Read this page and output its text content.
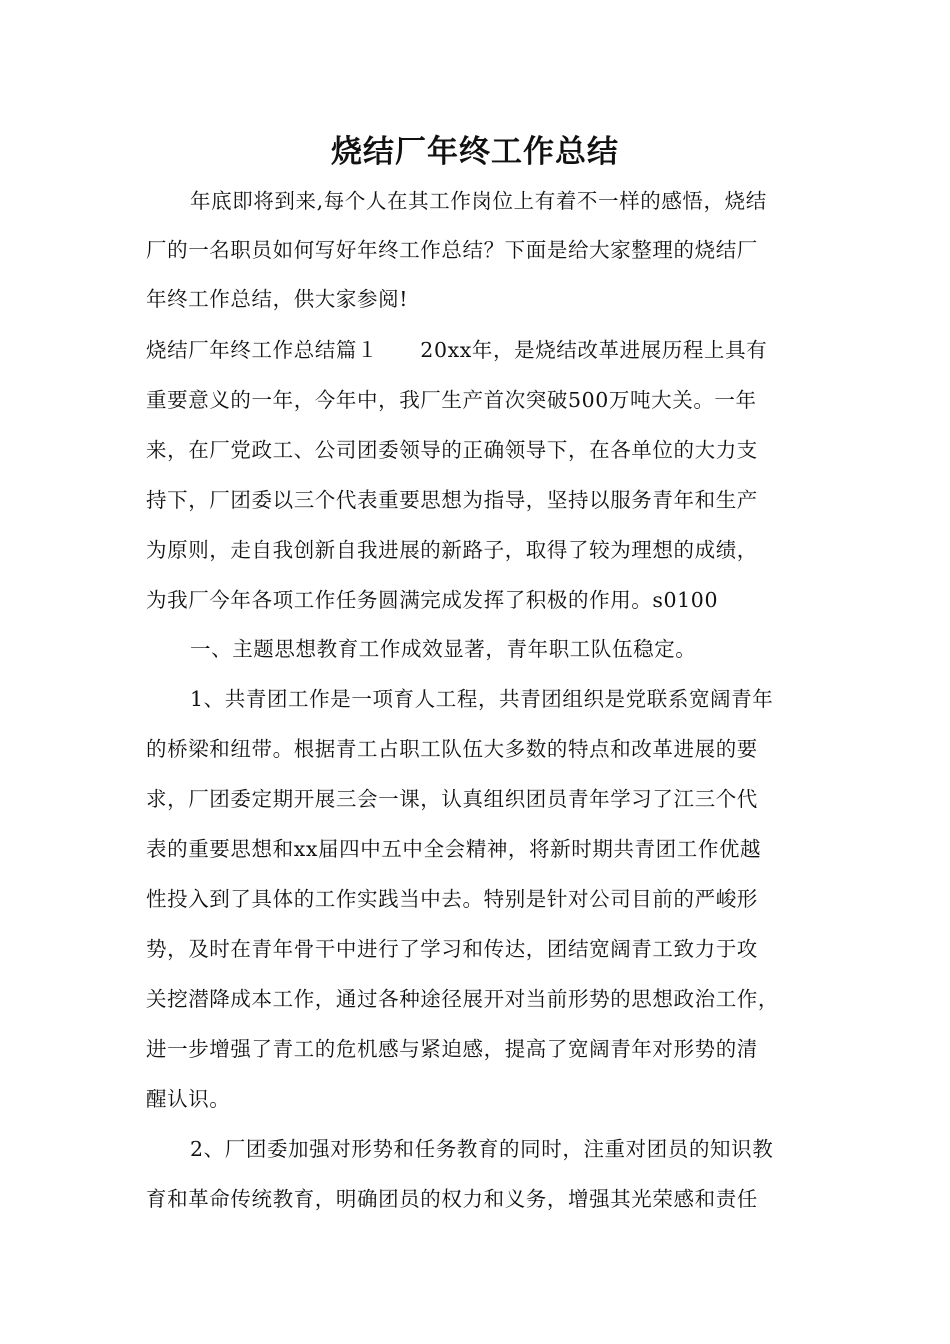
烧结厂年终工作总结
年底即将到来,每个人在其工作岗位上有着不一样的感悟，烧结
厂的一名职员如何写好年终工作总结？下面是给大家整理的烧结厂
年终工作总结，供大家参阅!
烧结厂年终工作总结篇１　　20xx年，是烧结改革进展历程上具有
重要意义的一年，今年中，我厂生产首次突破500万吨大关。一年
来，在厂党政工、公司团委领导的正确领导下，在各单位的大力支
持下，厂团委以三个代表重要思想为指导，坚持以服务青年和生产
为原则，走自我创新自我进展的新路子，取得了较为理想的成绩，
为我厂今年各项工作任务圆满完成发挥了积极的作用。s0100
一、主题思想教育工作成效显著，青年职工队伍稳定。
1、共青团工作是一项育人工程，共青团组织是党联系宽阔青年
的桥梁和纽带。根据青工占职工队伍大多数的特点和改革进展的要
求，厂团委定期开展三会一课，认真组织团员青年学习了江三个代
表的重要思想和xx届四中五中全会精神，将新时期共青团工作优越
性投入到了具体的工作实践当中去。特别是针对公司目前的严峻形
势，及时在青年骨干中进行了学习和传达，团结宽阔青工致力于攻
关挖潜降成本工作，通过各种途径展开对当前形势的思想政治工作，
进一步增强了青工的危机感与紧迫感，提高了宽阔青年对形势的清
醒认识。
2、厂团委加强对形势和任务教育的同时，注重对团员的知识教
育和革命传统教育，明确团员的权力和义务，增强其光荣感和责任
